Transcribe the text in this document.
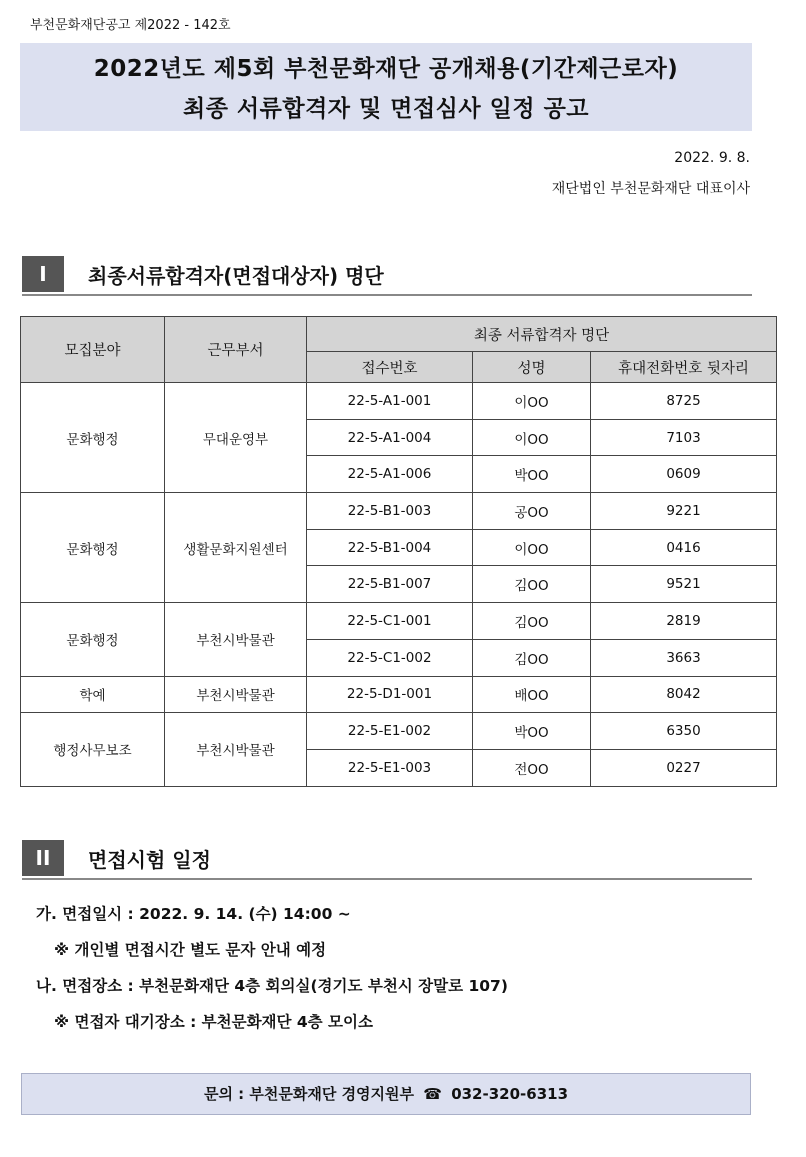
부천문화재단공고 제2022 - 142호
2022년도 제5회 부천문화재단 공개채용(기간제근로자)
최종 서류합격자 및 면접심사 일정 공고
2022. 9. 8.
재단법인 부천문화재단 대표이사
I	최종서류합격자(면접대상자) 명단
모집분야	근무부서	최종 서류합격자 명단		
		접수번호	성명	휴대전화번호 뒷자리
문화행정	무대운영부	22-5-A1-001	이OO	8725
		22-5-A1-004	이OO	7103
		22-5-A1-006	박OO	0609
문화행정	생활문화지원센터	22-5-B1-003	공OO	9221
		22-5-B1-004	이OO	0416
		22-5-B1-007	김OO	9521
문화행정	부천시박물관	22-5-C1-001	김OO	2819
		22-5-C1-002	김OO	3663
학예	부천시박물관	22-5-D1-001	배OO	8042
행정사무보조	부천시박물관	22-5-E1-002	박OO	6350
		22-5-E1-003	전OO	0227
II	면접시험 일정
가. 면접일시 : 2022. 9. 14. (수) 14:00 ~
※ 개인별 면접시간 별도 문자 안내 예정
나. 면접장소 : 부천문화재단 4층 회의실(경기도 부천시 장말로 107)
※ 면접자 대기장소 : 부천문화재단 4층 모이소
문의 : 부천문화재단 경영지원부 ☎ 032-320-6313
